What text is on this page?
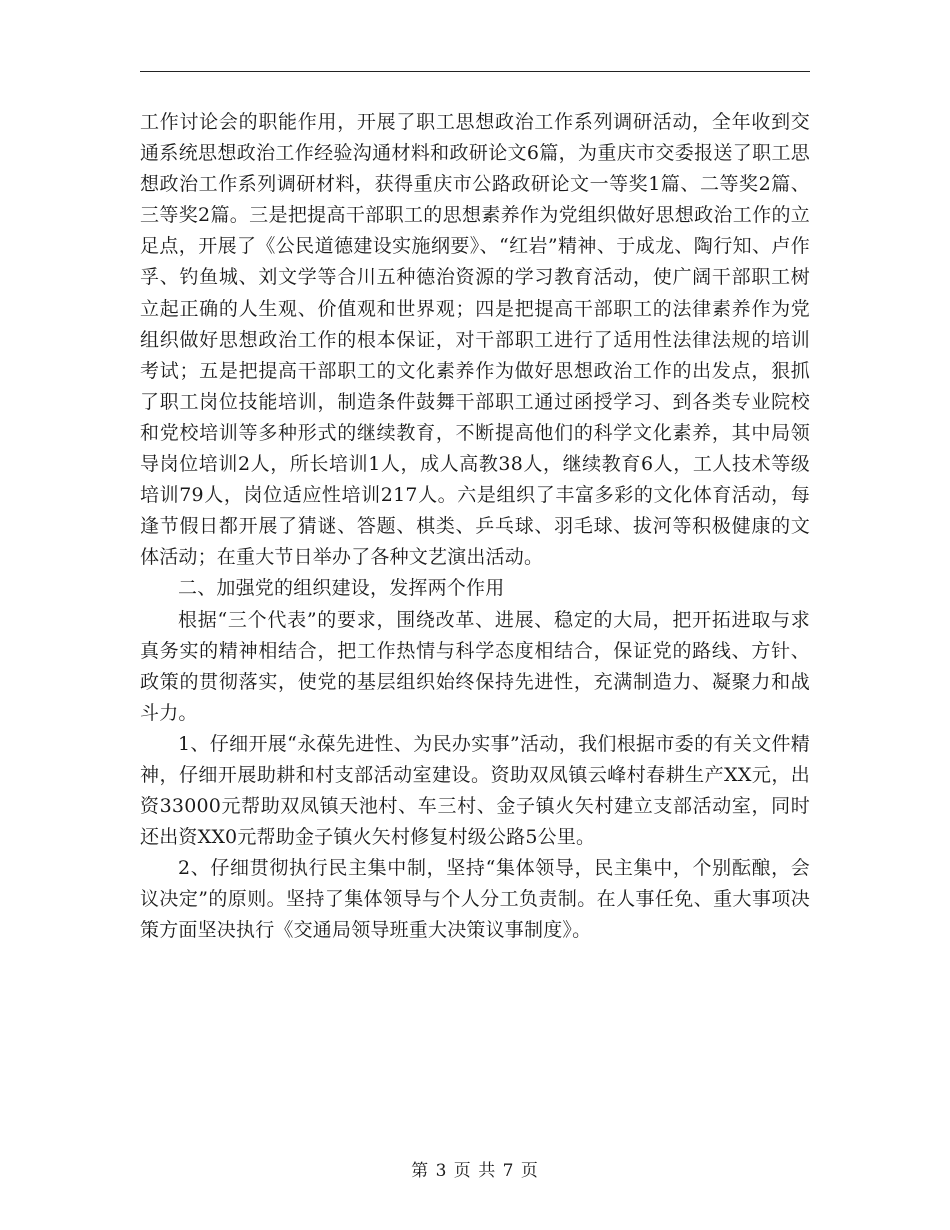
工作讨论会的职能作用，开展了职工思想政治工作系列调研活动，全年收到交通系统思想政治工作经验沟通材料和政研论文6篇，为重庆市交委报送了职工思想政治工作系列调研材料，获得重庆市公路政研论文一等奖1篇、二等奖2篇、三等奖2篇。三是把提高干部职工的思想素养作为党组织做好思想政治工作的立足点，开展了《公民道德建设实施纲要》、“红岩”精神、于成龙、陶行知、卢作孚、钓鱼城、刘文学等合川五种德治资源的学习教育活动，使广阔干部职工树立起正确的人生观、价值观和世界观；四是把提高干部职工的法律素养作为党组织做好思想政治工作的根本保证，对干部职工进行了适用性法律法规的培训考试；五是把提高干部职工的文化素养作为做好思想政治工作的出发点，狠抓了职工岗位技能培训，制造条件鼓舞干部职工通过函授学习、到各类专业院校和党校培训等多种形式的继续教育，不断提高他们的科学文化素养，其中局领导岗位培训2人，所长培训1人，成人高教38人，继续教育6人，工人技术等级培训79人，岗位适应性培训217人。六是组织了丰富多彩的文化体育活动，每逢节假日都开展了猜谜、答题、棋类、乒乓球、羽毛球、拔河等积极健康的文体活动；在重大节日举办了各种文艺演出活动。

二、加强党的组织建设，发挥两个作用

根据“三个代表”的要求，围绕改革、进展、稳定的大局，把开拓进取与求真务实的精神相结合，把工作热情与科学态度相结合，保证党的路线、方针、政策的贯彻落实，使党的基层组织始终保持先进性，充满制造力、凝聚力和战斗力。

1、仔细开展“永葆先进性、为民办实事”活动，我们根据市委的有关文件精神，仔细开展助耕和村支部活动室建设。资助双凤镇云峰村春耕生产XX元，出资33000元帮助双凤镇天池村、车三村、金子镇火矢村建立支部活动室，同时还出资XX0元帮助金子镇火矢村修复村级公路5公里。

2、仔细贯彻执行民主集中制，坚持“集体领导，民主集中，个别酝酿，会议决定”的原则。坚持了集体领导与个人分工负责制。在人事任免、重大事项决策方面坚决执行《交通局领导班重大决策议事制度》。

第 3 页 共 7 页
